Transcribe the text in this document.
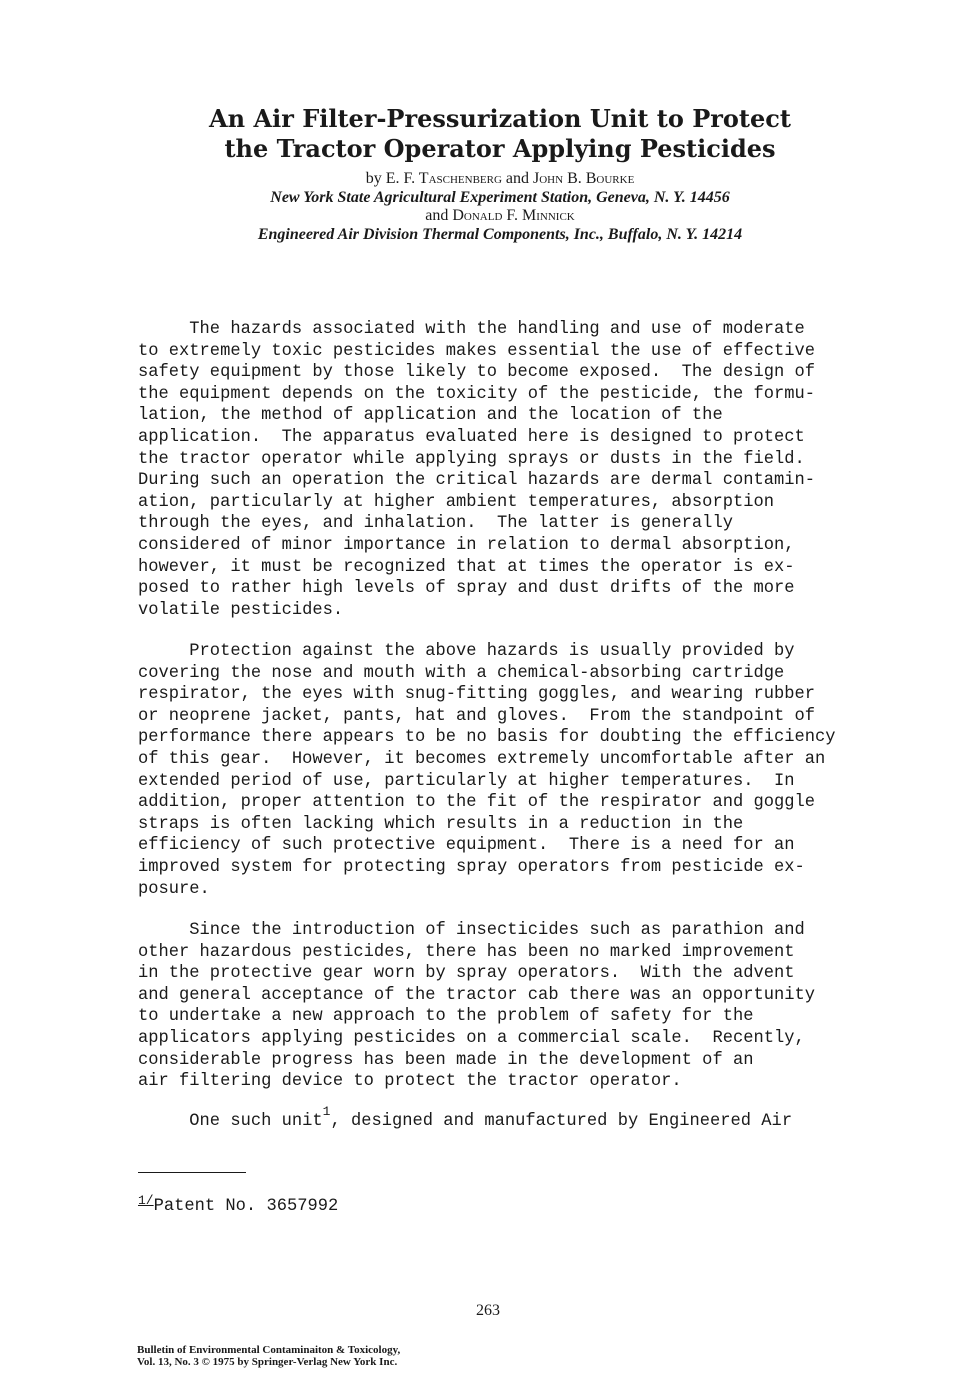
An Air Filter-Pressurization Unit to Protect
the Tractor Operator Applying Pesticides
by E. F. Taschenberg and John B. Bourke
New York State Agricultural Experiment Station, Geneva, N. Y. 14456
and Donald F. Minnick
Engineered Air Division Thermal Components, Inc., Buffalo, N. Y. 14214
The hazards associated with the handling and use of moderate
to extremely toxic pesticides makes essential the use of effective
safety equipment by those likely to become exposed.  The design of
the equipment depends on the toxicity of the pesticide, the formu-
lation, the method of application and the location of the
application.  The apparatus evaluated here is designed to protect
the tractor operator while applying sprays or dusts in the field.
During such an operation the critical hazards are dermal contamin-
ation, particularly at higher ambient temperatures, absorption
through the eyes, and inhalation.  The latter is generally
considered of minor importance in relation to dermal absorption,
however, it must be recognized that at times the operator is ex-
posed to rather high levels of spray and dust drifts of the more
volatile pesticides.
Protection against the above hazards is usually provided by
covering the nose and mouth with a chemical-absorbing cartridge
respirator, the eyes with snug-fitting goggles, and wearing rubber
or neoprene jacket, pants, hat and gloves.  From the standpoint of
performance there appears to be no basis for doubting the efficiency
of this gear.  However, it becomes extremely uncomfortable after an
extended period of use, particularly at higher temperatures.  In
addition, proper attention to the fit of the respirator and goggle
straps is often lacking which results in a reduction in the
efficiency of such protective equipment.  There is a need for an
improved system for protecting spray operators from pesticide ex-
posure.
Since the introduction of insecticides such as parathion and
other hazardous pesticides, there has been no marked improvement
in the protective gear worn by spray operators.  With the advent
and general acceptance of the tractor cab there was an opportunity
to undertake a new approach to the problem of safety for the
applicators applying pesticides on a commercial scale.  Recently,
considerable progress has been made in the development of an
air filtering device to protect the tractor operator.
One such unit$^1$, designed and manufactured by Engineered Air
1/Patent No. 3657992
263
Bulletin of Environmental Contaminaiton & Toxicology,
Vol. 13, No. 3 © 1975 by Springer-Verlag New York Inc.
